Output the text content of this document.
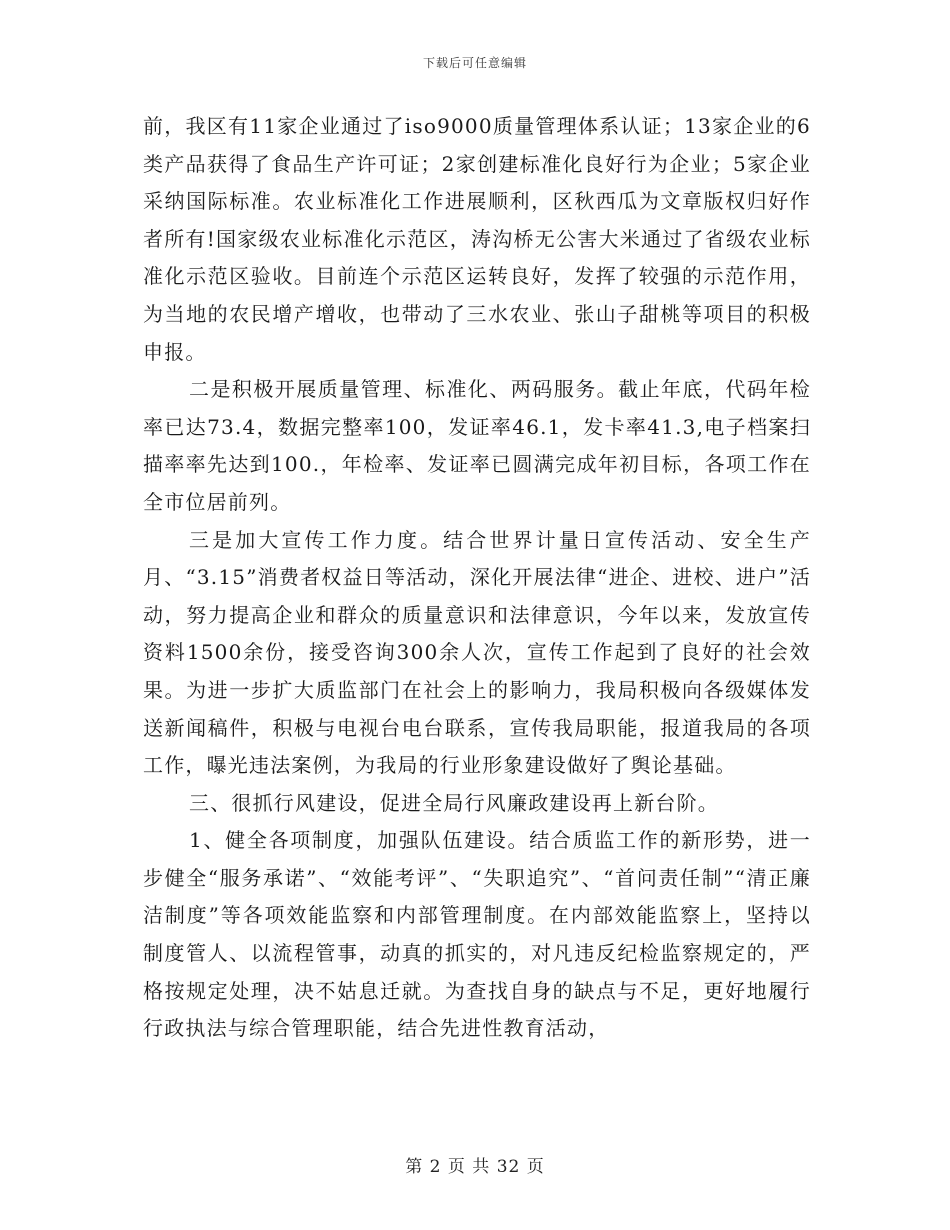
下载后可任意编辑

前，我区有11家企业通过了iso9000质量管理体系认证；13家企业的6类产品获得了食品生产许可证；2家创建标准化良好行为企业；5家企业采纳国际标准。农业标准化工作进展顺利，区秋西瓜为文章版权归好作者所有!国家级农业标准化示范区，涛沟桥无公害大米通过了省级农业标准化示范区验收。目前连个示范区运转良好，发挥了较强的示范作用，为当地的农民增产增收，也带动了三水农业、张山子甜桃等项目的积极申报。

二是积极开展质量管理、标准化、两码服务。截止年底，代码年检率已达73.4，数据完整率100，发证率46.1，发卡率41.3,电子档案扫描率率先达到100.，年检率、发证率已圆满完成年初目标，各项工作在全市位居前列。

三是加大宣传工作力度。结合世界计量日宣传活动、安全生产月、“3.15”消费者权益日等活动，深化开展法律“进企、进校、进户”活动，努力提高企业和群众的质量意识和法律意识，今年以来，发放宣传资料1500余份，接受咨询300余人次，宣传工作起到了良好的社会效果。为进一步扩大质监部门在社会上的影响力，我局积极向各级媒体发送新闻稿件，积极与电视台电台联系，宣传我局职能，报道我局的各项工作，曝光违法案例，为我局的行业形象建设做好了舆论基础。

三、很抓行风建设，促进全局行风廉政建设再上新台阶。

1、健全各项制度，加强队伍建设。结合质监工作的新形势，进一步健全“服务承诺”、“效能考评”、“失职追究”、“首问责任制”“清正廉洁制度”等各项效能监察和内部管理制度。在内部效能监察上，坚持以制度管人、以流程管事，动真的抓实的，对凡违反纪检监察规定的，严格按规定处理，决不姑息迁就。为查找自身的缺点与不足，更好地履行行政执法与综合管理职能，结合先进性教育活动，

第 2 页 共 32 页
